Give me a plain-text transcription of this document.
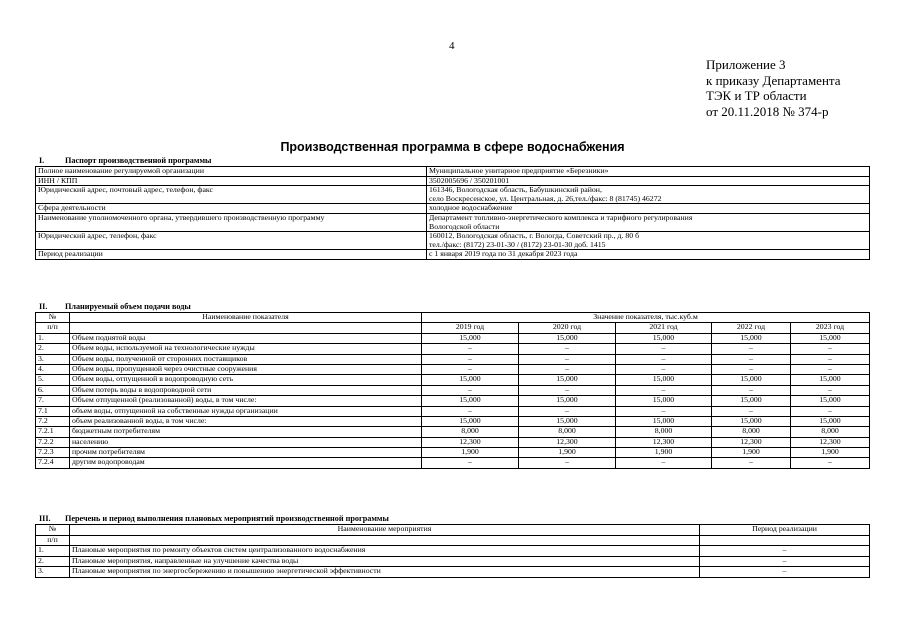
4
Приложение 3
к приказу Департамента
ТЭК и ТР области
от 20.11.2018 № 374-р
Производственная программа в сфере водоснабжения
I.	Паспорт производственной программы
Полное наименование регулируемой организации	Муниципальное унитарное предприятие «Березники»

ИНН / КПП	3502005696 / 350201001

Юридический адрес, почтовый адрес, телефон, факс	161346, Вологодская область, Бабушкинский район,
село Воскресенское, ул. Центральная, д. 26,тел./факс: 8 (81745) 46272

Сфера деятельности	холодное водоснабжение

Наименование уполномоченного органа, утвердившего производственную программу	Департамент топливно-энергетического комплекса и тарифного регулирования
Вологодской области

Юридический адрес, телефон, факс	160012, Вологодская область, г. Вологда, Советский пр., д. 80 б
тел./факс: (8172) 23-01-30 / (8172) 23-01-30 доб. 1415

Период реализации	с 1 января 2019 года по 31 декабря 2023 года
II. Планируемый объем подачи воды
№	Наименование показателя	Значение показателя, тыс.куб.м				
п/п		2019 год	2020 год	2021 год	2022 год	2023 год
1.	Объем поднятой воды	15,000	15,000	15,000	15,000	15,000
2.	Объем воды, используемой на технологические нужды	–	–	–	–	–
3.	Объем воды, полученной от сторонних поставщиков	–	–	–	–	–
4.	Объем воды, пропущенной через очистные сооружения	–	–	–	–	–
5.	Объем воды, отпущенной в водопроводную сеть	15,000	15,000	15,000	15,000	15,000
6.	Объем потерь воды в водопроводной сети	–	–	–	–	–
7.	Объем отпущенной (реализованной) воды, в том числе:	15,000	15,000	15,000	15,000	15,000
7.1	объем воды, отпущенной на собственные нужды организации	–	–	–	–	–
7.2	объем реализованной воды, в том числе:	15,000	15,000	15,000	15,000	15,000
7.2.1	бюджетным потребителям	8,000	8,000	8,000	8,000	8,000
7.2.2	населению	12,300	12,300	12,300	12,300	12,300
7.2.3	прочим потребителям	1,900	1,900	1,900	1,900	1,900
7.2.4	другим водопроводам	–	–	–	–	–
III. Перечень и период выполнения плановых мероприятий производственной программы
№	Наименование мероприятия	Период реализации
п/п		
1.	Плановые мероприятия по ремонту объектов систем централизованного водоснабжения	–
2.	Плановые мероприятия, направленные на улучшение качества воды	–
3.	Плановые мероприятия по энергосбережению и повышению энергетической эффективности	–
